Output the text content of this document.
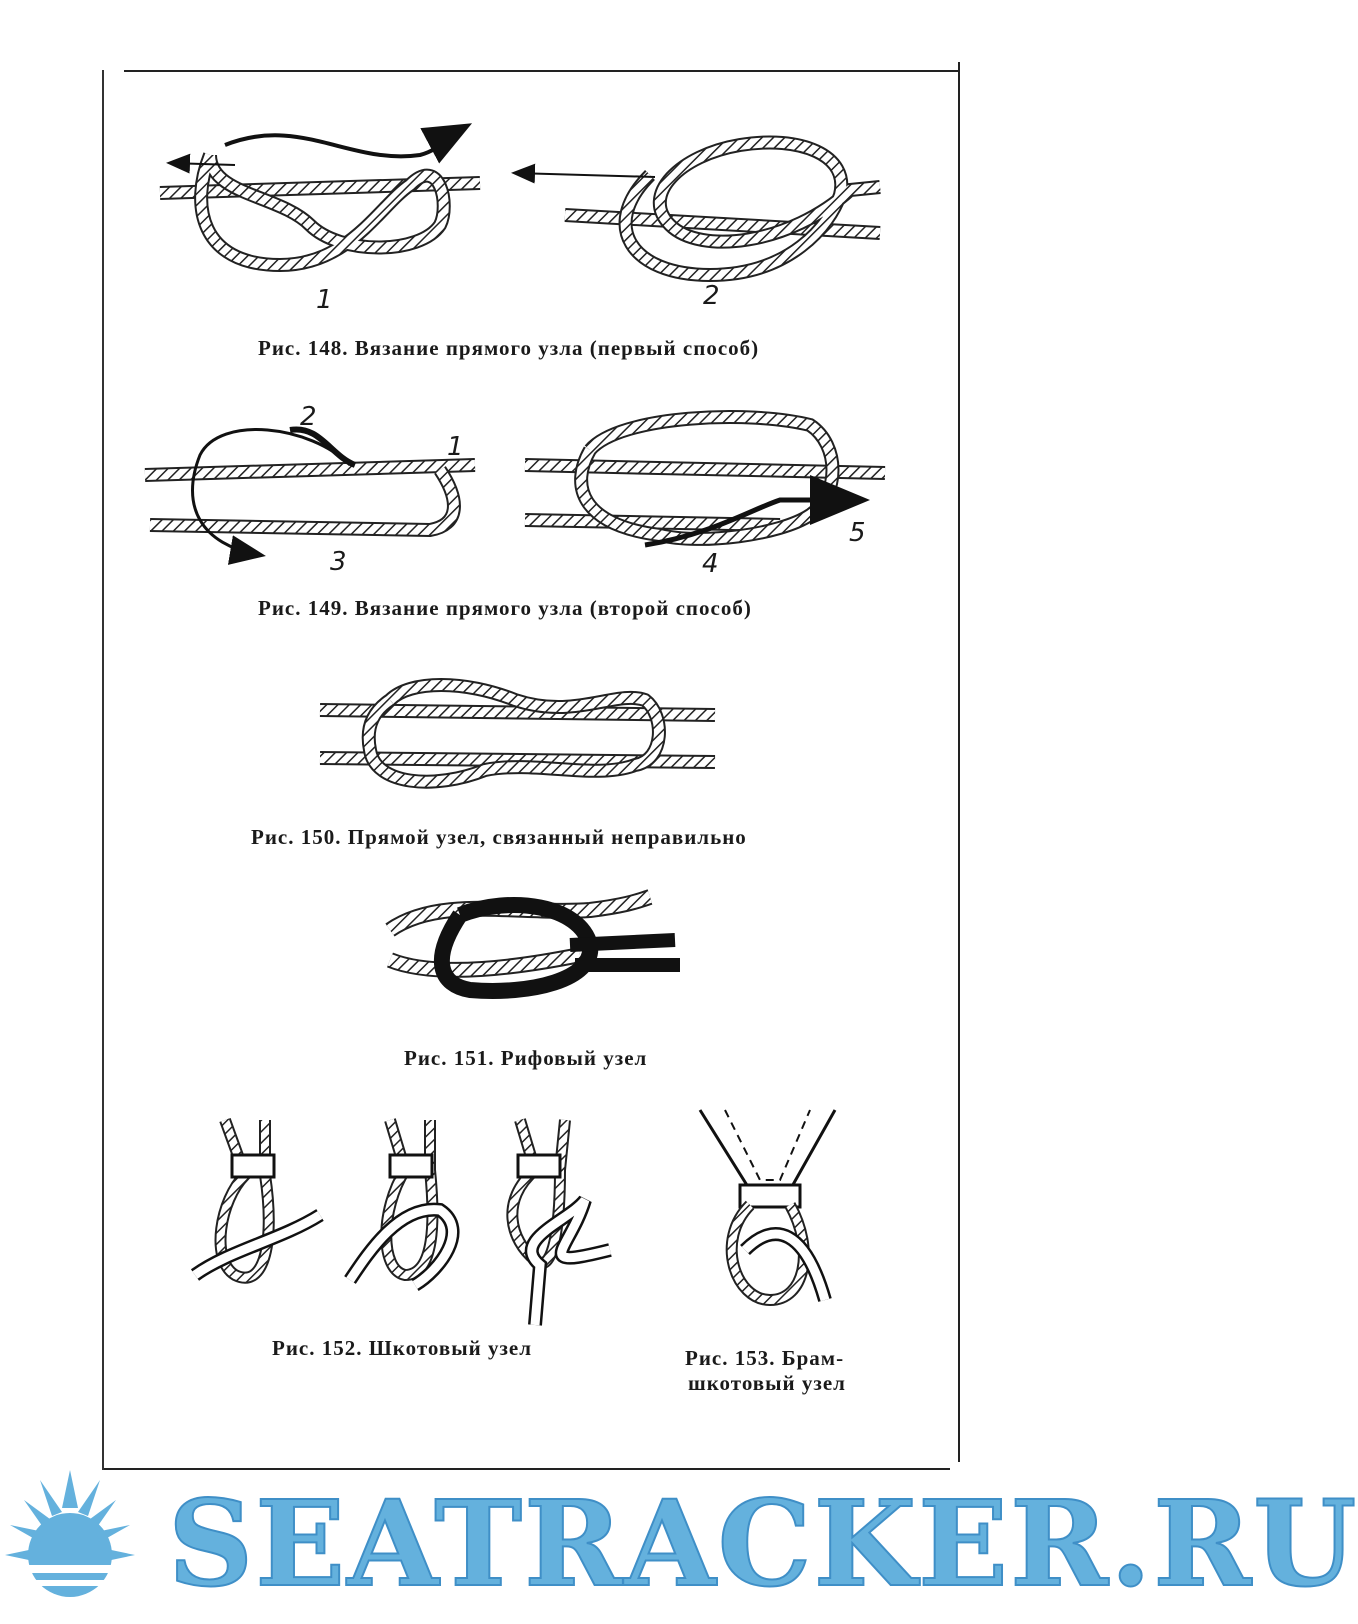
1	2
Рис. 148. Вязание прямого узла (первый способ)
2
1
3	4
5
Рис. 149. Вязание прямого узла (второй способ)
Рис. 150. Прямой узел, связанный неправильно
Рис. 151. Рифовый узел
Рис. 152. Шкотовый узел	Рис. 153. Брам-
шкотовый узел
SEATRACKER.RU
